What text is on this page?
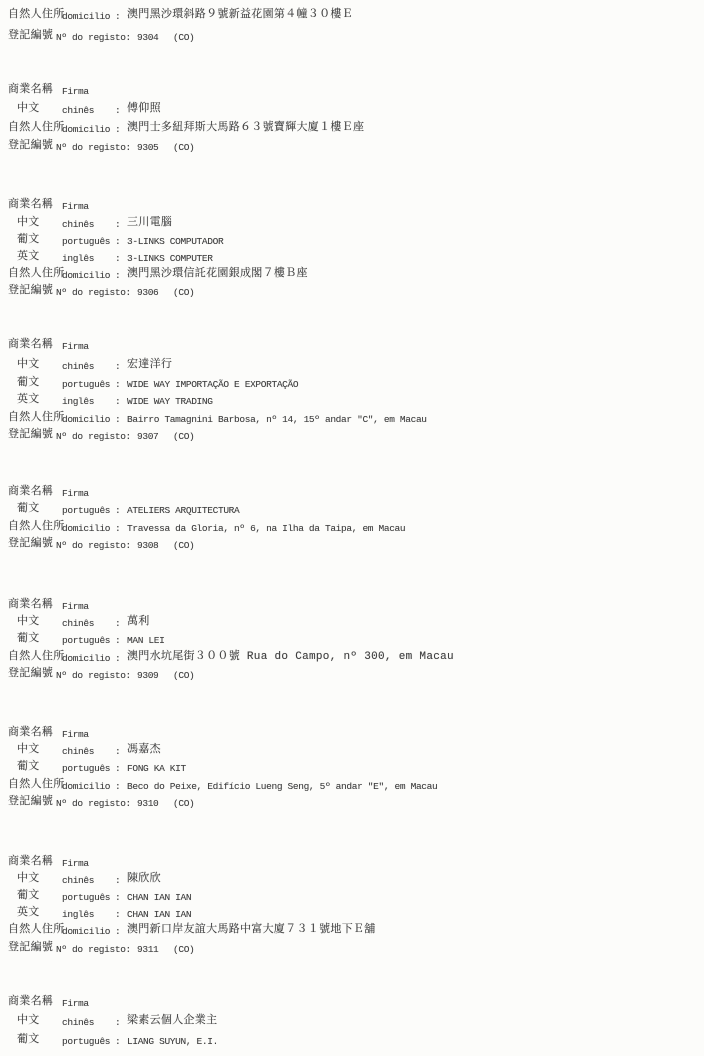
自然人住所
domicilio : 澳門黑沙環斜路９號新益花園第４幢３０樓Ｅ
登記編號 Nº do registo: 9304 (CO)
商業名稱 Firma
中文 chinês : 傅仰照
自然人住所
domicilio : 澳門士多紐拜斯大馬路６３號寶輝大廈１樓Ｅ座
登記編號 Nº do registo: 9305 (CO)
商業名稱 Firma
中文 chinês : 三川電腦
葡文 português : 3-LINKS COMPUTADOR
英文 inglês : 3-LINKS COMPUTER
自然人住所
domicilio : 澳門黑沙環信託花園銀成閣７樓Ｂ座
登記編號 Nº do registo: 9306 (CO)
商業名稱 Firma
中文 chinês : 宏達洋行
葡文 português : WIDE WAY IMPORTAÇÃO E EXPORTAÇÃO
英文 inglês : WIDE WAY TRADING
自然人住所
domicilio : Bairro Tamagnini Barbosa, nº 14, 15º andar "C", em Macau
登記編號 Nº do registo: 9307 (CO)
商業名稱 Firma
葡文 português : ATELIERS ARQUITECTURA
自然人住所
domicilio : Travessa da Gloria, nº 6, na Ilha da Taipa, em Macau
登記編號 Nº do registo: 9308 (CO)
商業名稱 Firma
中文 chinês : 萬利
葡文 português : MAN LEI
自然人住所
domicilio : 澳門水坑尾街３００號 Rua do Campo, nº 300, em Macau
登記編號 Nº do registo: 9309 (CO)
商業名稱 Firma
中文 chinês : 馮嘉杰
葡文 português : FONG KA KIT
自然人住所
domicilio : Beco do Peixe, Edifício Lueng Seng, 5º andar "E", em Macau
登記編號 Nº do registo: 9310 (CO)
商業名稱 Firma
中文 chinês : 陳欣欣
葡文 português : CHAN IAN IAN
英文 inglês : CHAN IAN IAN
自然人住所
domicilio : 澳門新口岸友誼大馬路中富大廈７３１號地下Ｅ舖
登記編號 Nº do registo: 9311 (CO)
商業名稱 Firma
中文 chinês : 梁素云個人企業主
葡文 português : LIANG SUYUN, E.I.
